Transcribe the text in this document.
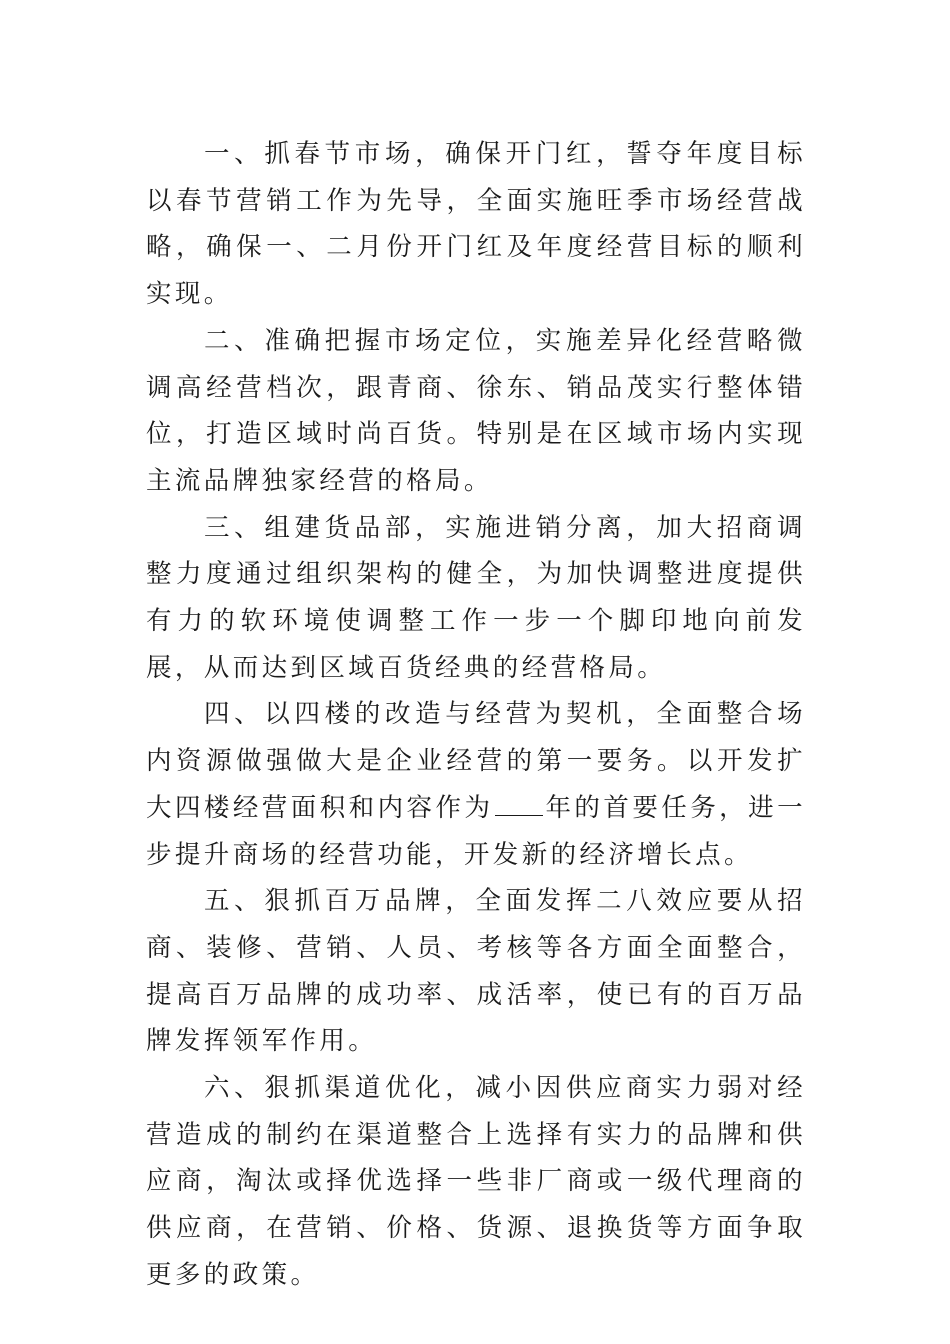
一、抓春节市场，确保开门红，誓夺年度目标以春节营销工作为先导，全面实施旺季市场经营战略，确保一、二月份开门红及年度经营目标的顺利实现。

二、准确把握市场定位，实施差异化经营略微调高经营档次，跟青商、徐东、销品茂实行整体错位，打造区域时尚百货。特别是在区域市场内实现主流品牌独家经营的格局。

三、组建货品部，实施进销分离，加大招商调整力度通过组织架构的健全，为加快调整进度提供有力的软环境使调整工作一步一个脚印地向前发展，从而达到区域百货经典的经营格局。

四、以四楼的改造与经营为契机，全面整合场内资源做强做大是企业经营的第一要务。以开发扩大四楼经营面积和内容作为 年的首要任务，进一步提升商场的经营功能，开发新的经济增长点。

五、狠抓百万品牌，全面发挥二八效应要从招商、装修、营销、人员、考核等各方面全面整合，提高百万品牌的成功率、成活率，使已有的百万品牌发挥领军作用。

六、狠抓渠道优化，减小因供应商实力弱对经营造成的制约在渠道整合上选择有实力的品牌和供应商，淘汰或择优选择一些非厂商或一级代理商的供应商，在营销、价格、货源、退换货等方面争取更多的政策。
